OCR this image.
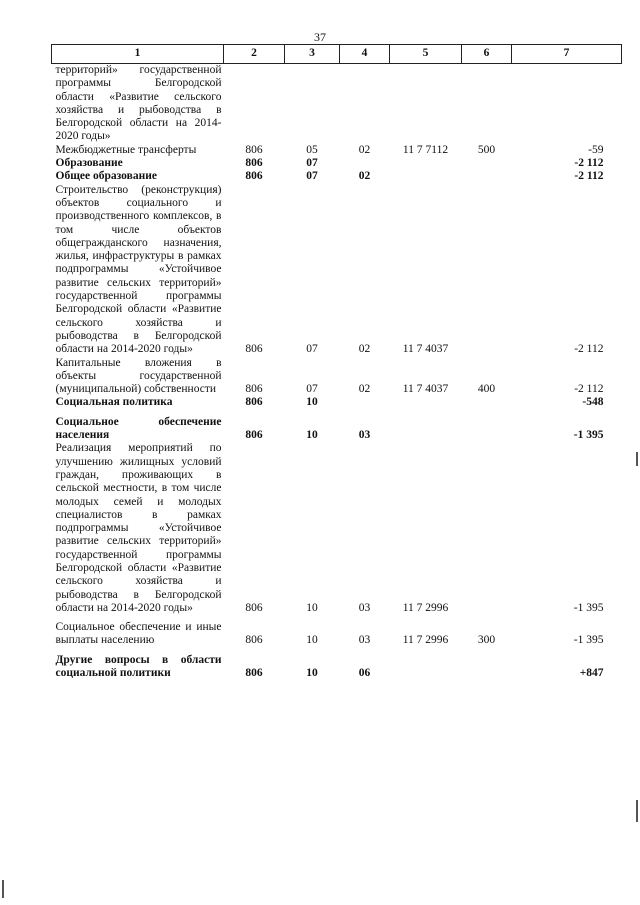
37
1	2	3	4	5	6	7
территорий» государственной программы Белгородской области «Развитие сельского хозяйства и рыбоводства в Белгородской области на 2014-2020 годы»						
Межбюджетные трансферты	806	05	02	11 7 7112	500	-59
Образование	806	07				-2 112
Общее образование	806	07	02			-2 112
Строительство (реконструкция) объектов социального и производственного комплексов, в том числе объектов общегражданского назначения, жилья, инфраструктуры в рамках подпрограммы «Устойчивое развитие сельских территорий» государственной программы Белгородской области «Развитие сельского хозяйства и рыбоводства в Белгородской области на 2014-2020 годы»	806	07	02	11 7 4037		-2 112
Капитальные вложения в объекты государственной (муниципальной) собственности	806	07	02	11 7 4037	400	-2 112
Социальная политика	806	10				-548
Социальное обеспечение населения	806	10	03			-1 395
Реализация мероприятий по улучшению жилищных условий граждан, проживающих в сельской местности, в том числе молодых семей и молодых специалистов в рамках подпрограммы «Устойчивое развитие сельских территорий» государственной программы Белгородской области «Развитие сельского хозяйства и рыбоводства в Белгородской области на 2014-2020 годы»	806	10	03	11 7 2996		-1 395
Социальное обеспечение и иные выплаты населению	806	10	03	11 7 2996	300	-1 395
Другие вопросы в области социальной политики	806	10	06			+847
